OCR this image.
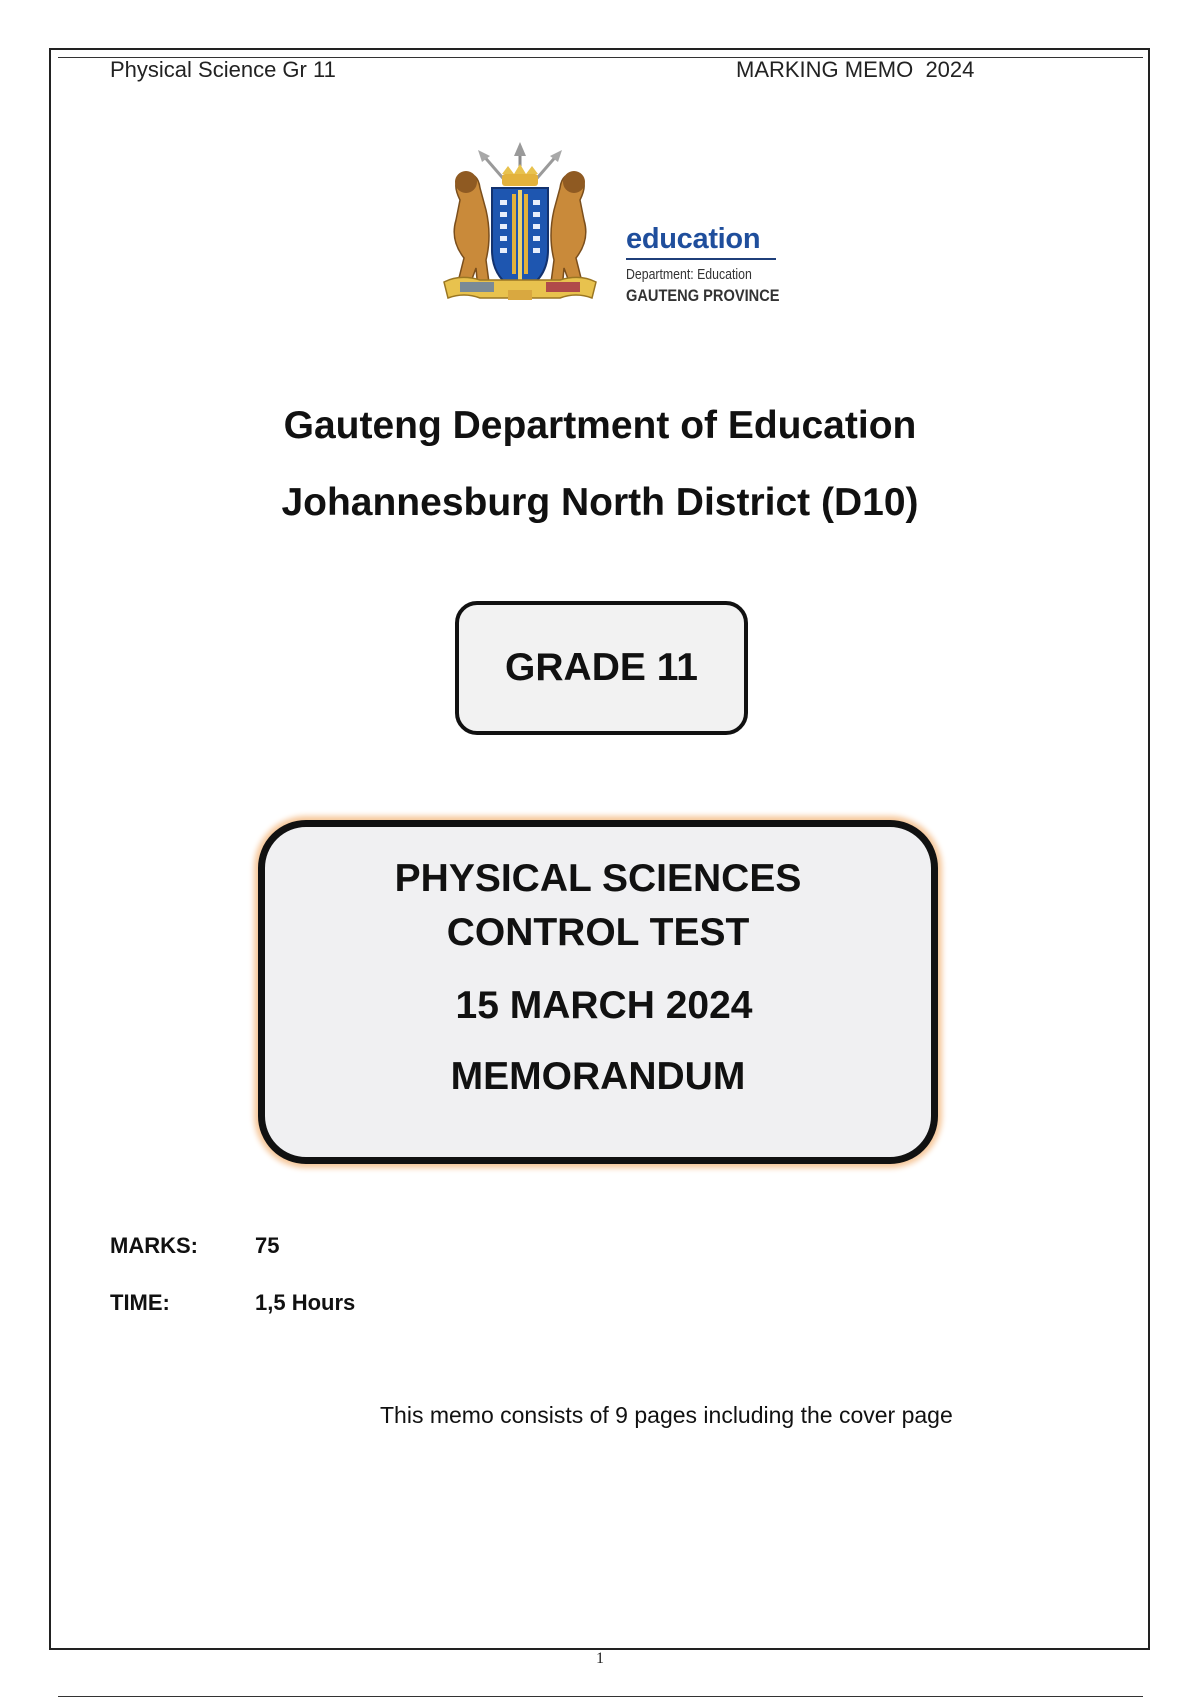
Physical Science Gr 11	MARKING MEMO  2024
education
Department: Education
GAUTENG PROVINCE
Gauteng Department of Education
Johannesburg North District (D10)
GRADE 11
PHYSICAL SCIENCES
CONTROL TEST
15 MARCH 2024
MEMORANDUM
MARKS:	75
TIME:	1,5 Hours
This memo consists of 9 pages including the cover page
1
